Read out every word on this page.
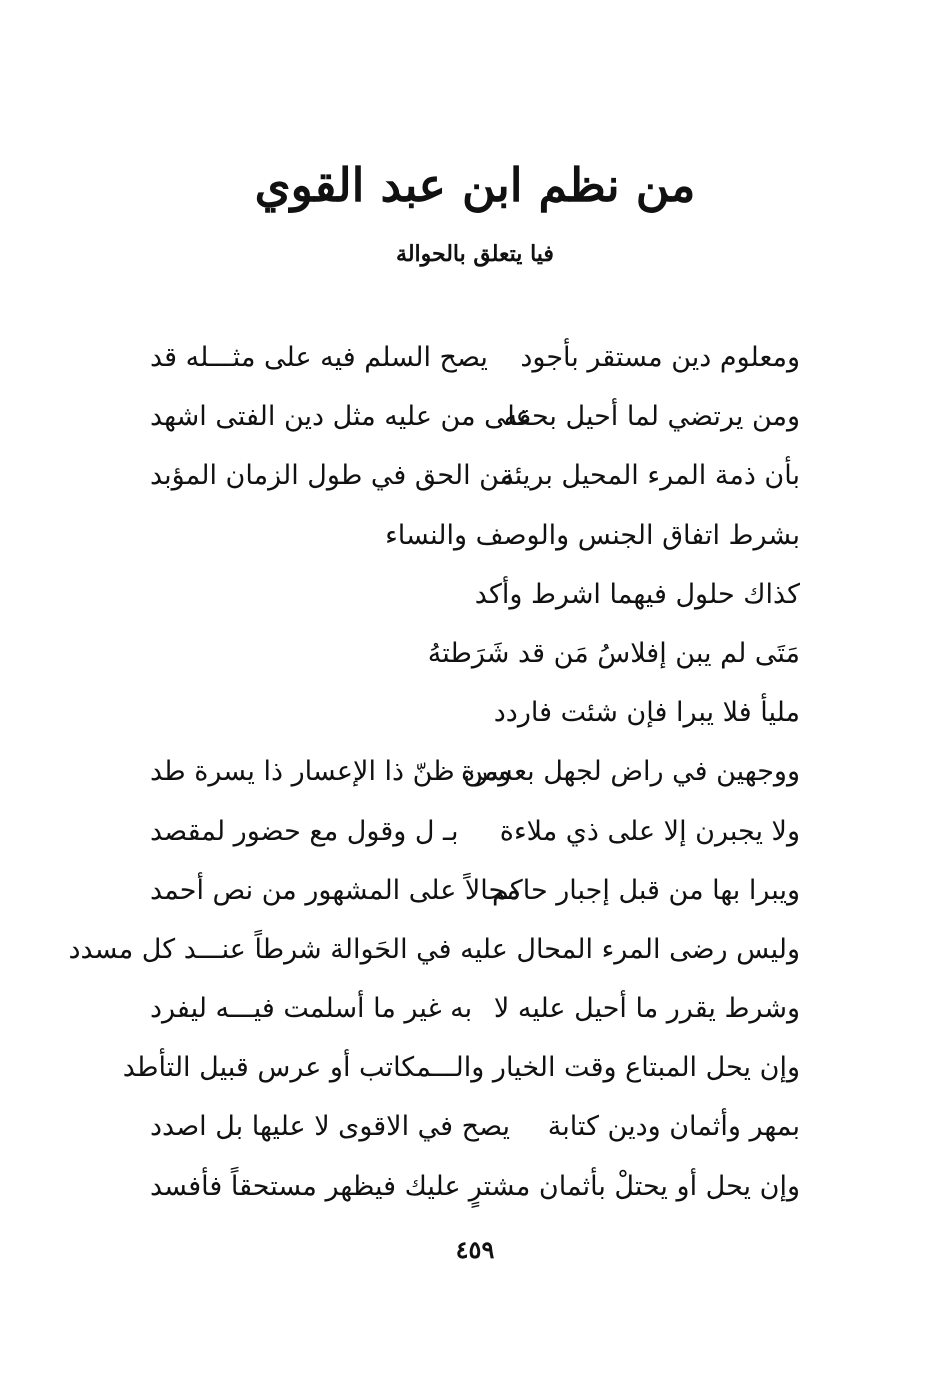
من نظم ابن عبد القوي
فيا يتعلق بالحوالة
ومعلوم دين مستقر بأجود
يصح السلم فيه على مثـــله قد
ومن يرتضي لما أحيل بحقه
على من عليه مثل دين الفتى اشهد
بأن ذمة المرء المحيل بريئة
من الحق في طول الزمان المؤبد
بشرط اتفاق الجنس والوصف والنساء
كذاك حلول فيهما اشرط وأكد
مَتَى لم يبن إفلاسُ مَن قد شَرَطتهُ
مليأ فلا يبرا فإن شئت فاردد
ووجهين في راض لجهل بعسرة
ومن ظنّ ذا الإعسار ذا يسرة طد
ولا يجبرن إلا على ذي ملاءة
بـ ل وقول مع حضور لمقصد
ويبرا بها من قبل إجبار حاكم
محالاً على المشهور من نص أحمد
وليس رضى المرء المحال عليه في الحَوالة شرطاً عنـــد كل مسدد
وشرط يقرر ما أحيل عليه لا
به غير ما أسلمت فيـــه ليفرد
وإن يحل المبتاع وقت الخيار والـــمكاتب أو عرس قبيل التأطد
بمهر وأثمان ودين كتابة
يصح في الاقوى لا عليها بل اصدد
وإن يحل أو يحتلْ بأثمان مشترٍ
عليك فيظهر مستحقاً فأفسد
٤٥٩
